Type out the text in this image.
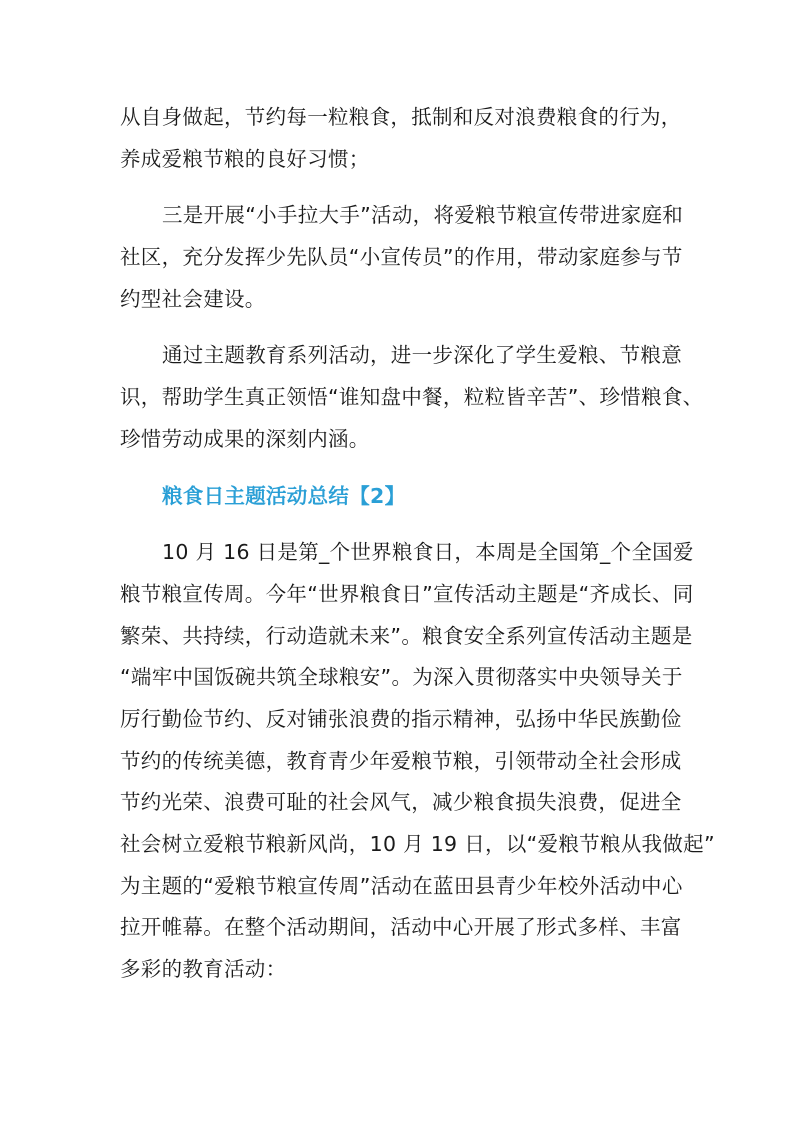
从自身做起，节约每一粒粮食，抵制和反对浪费粮食的行为，
养成爱粮节粮的良好习惯；
三是开展“小手拉大手”活动，将爱粮节粮宣传带进家庭和
社区，充分发挥少先队员“小宣传员”的作用，带动家庭参与节
约型社会建设。
通过主题教育系列活动，进一步深化了学生爱粮、节粮意
识，帮助学生真正领悟“谁知盘中餐，粒粒皆辛苦”、珍惜粮食、
珍惜劳动成果的深刻内涵。
粮食日主题活动总结【2】
10 月 16 日是第_个世界粮食日，本周是全国第_个全国爱
粮节粮宣传周。今年“世界粮食日”宣传活动主题是“齐成长、同
繁荣、共持续，行动造就未来”。粮食安全系列宣传活动主题是
“端牢中国饭碗共筑全球粮安”。为深入贯彻落实中央领导关于
厉行勤俭节约、反对铺张浪费的指示精神，弘扬中华民族勤俭
节约的传统美德，教育青少年爱粮节粮，引领带动全社会形成
节约光荣、浪费可耻的社会风气，减少粮食损失浪费，促进全
社会树立爱粮节粮新风尚，10 月 19 日，以“爱粮节粮从我做起”
为主题的“爱粮节粮宣传周”活动在蓝田县青少年校外活动中心
拉开帷幕。在整个活动期间，活动中心开展了形式多样、丰富
多彩的教育活动：
